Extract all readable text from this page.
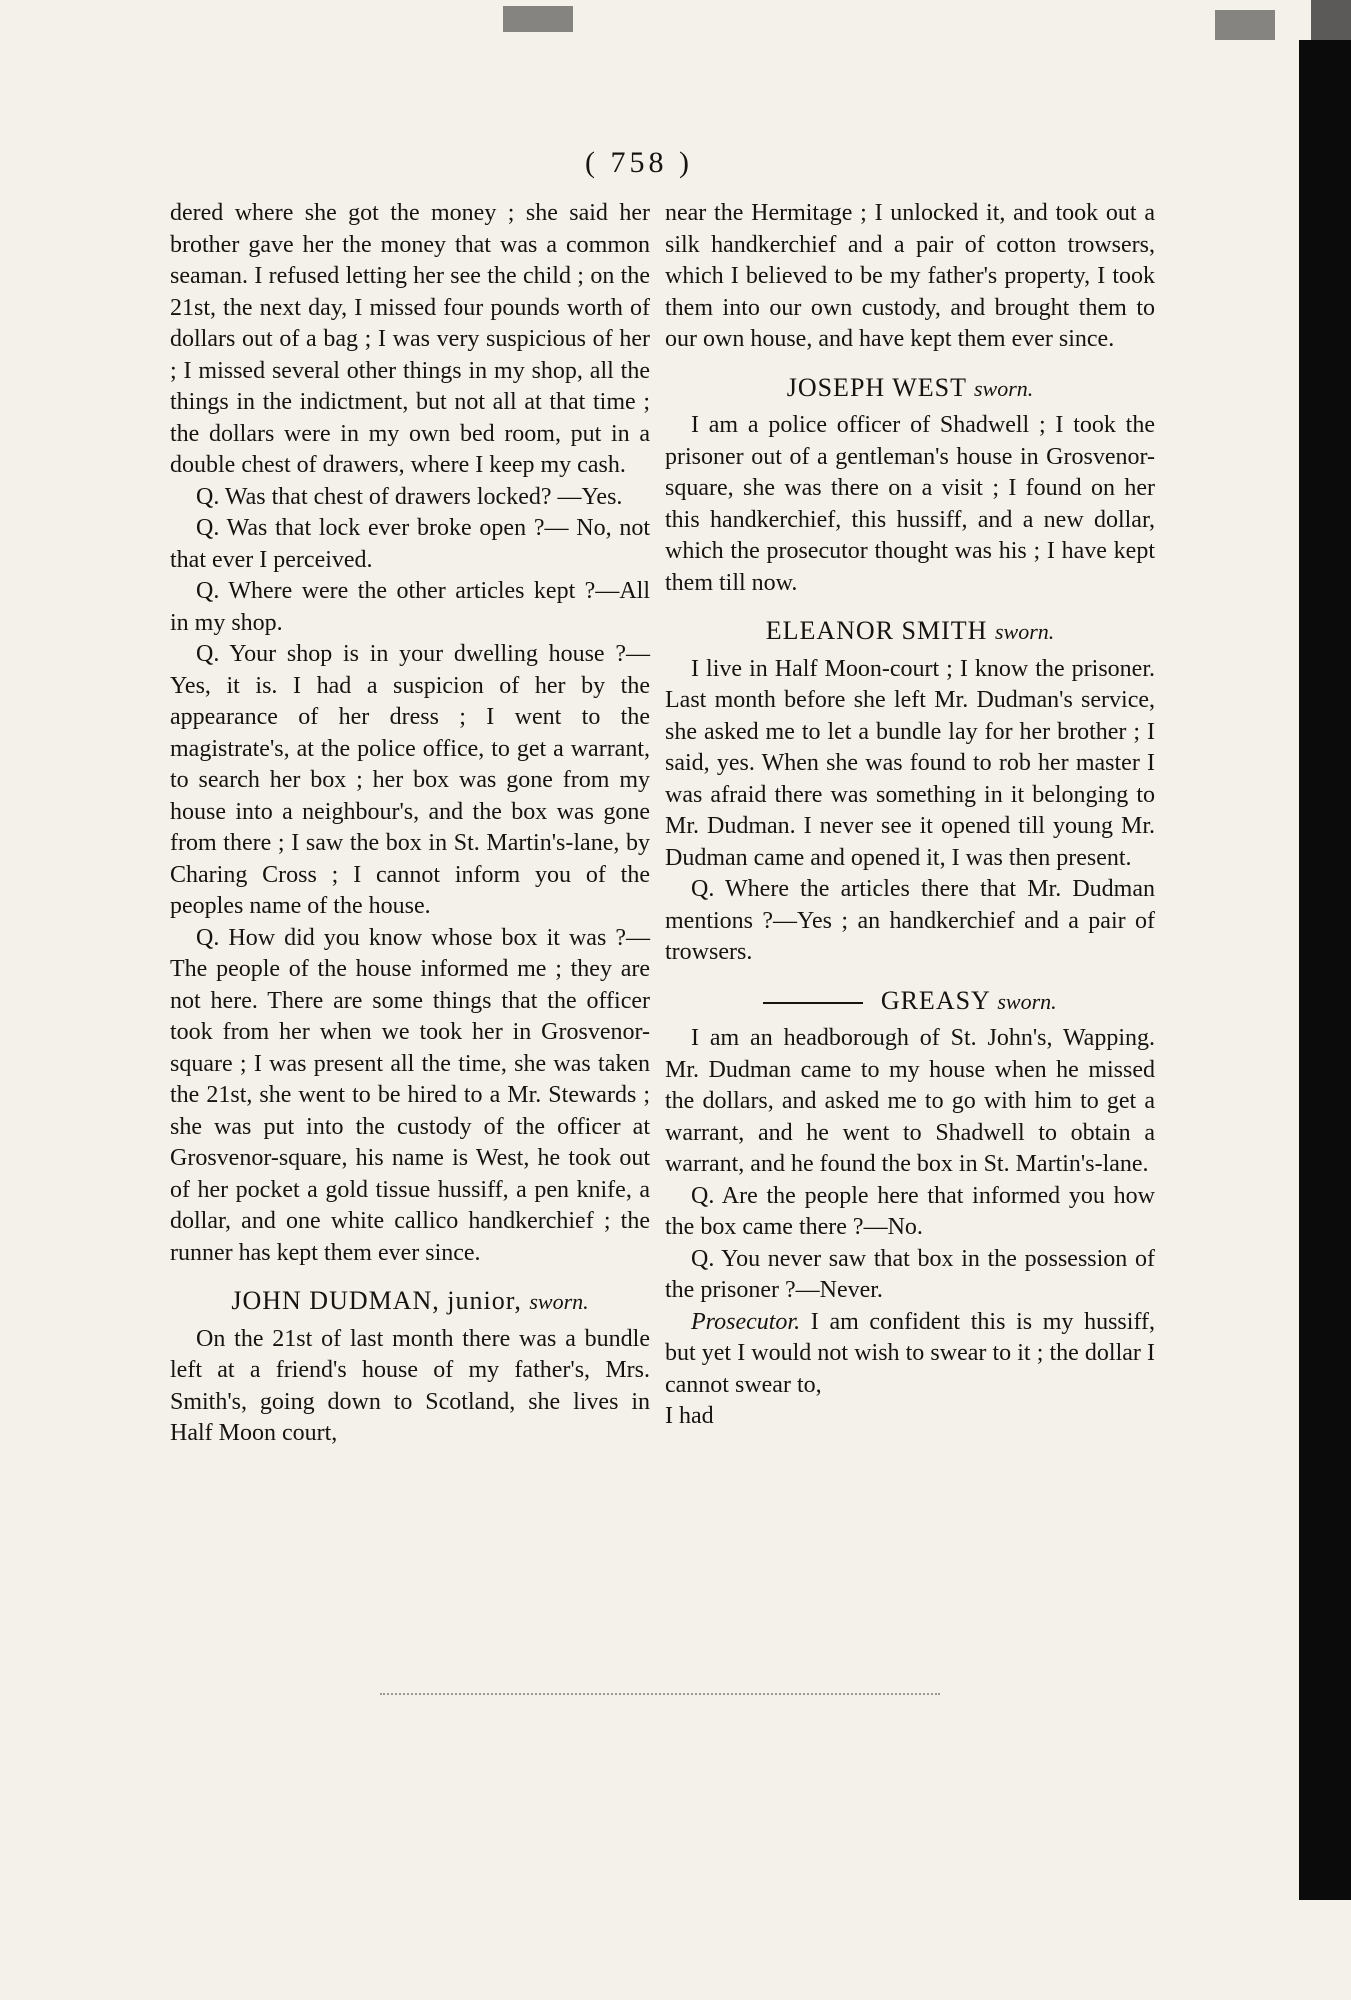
( 758 )

dered where she got the money ; she said her brother gave her the money that was a common seaman. I refused letting her see the child ; on the 21st, the next day, I missed four pounds worth of dollars out of a bag ; I was very suspicious of her ; I missed several other things in my shop, all the things in the indictment, but not all at that time ; the dollars were in my own bed room, put in a double chest of drawers, where I keep my cash.

Q. Was that chest of drawers locked? —Yes.

Q. Was that lock ever broke open ?— No, not that ever I perceived.

Q. Where were the other articles kept ?—All in my shop.

Q. Your shop is in your dwelling house ?—Yes, it is. I had a suspicion of her by the appearance of her dress ; I went to the magistrate's, at the police office, to get a warrant, to search her box ; her box was gone from my house into a neighbour's, and the box was gone from there ; I saw the box in St. Martin's-lane, by Charing Cross ; I cannot inform you of the peoples name of the house.

Q. How did you know whose box it was ?—The people of the house informed me ; they are not here. There are some things that the officer took from her when we took her in Grosvenor-square ; I was present all the time, she was taken the 21st, she went to be hired to a Mr. Stewards ; she was put into the custody of the officer at Grosvenor-square, his name is West, he took out of her pocket a gold tissue hussiff, a pen knife, a dollar, and one white callico handkerchief ; the runner has kept them ever since.

JOHN DUDMAN, junior, sworn.

On the 21st of last month there was a bundle left at a friend's house of my father's, Mrs. Smith's, going down to Scotland, she lives in Half Moon court,

near the Hermitage ; I unlocked it, and took out a silk handkerchief and a pair of cotton trowsers, which I believed to be my father's property, I took them into our own custody, and brought them to our own house, and have kept them ever since.

JOSEPH WEST sworn.

I am a police officer of Shadwell ; I took the prisoner out of a gentleman's house in Grosvenor-square, she was there on a visit ; I found on her this handkerchief, this hussiff, and a new dollar, which the prosecutor thought was his ; I have kept them till now.

ELEANOR SMITH sworn.

I live in Half Moon-court ; I know the prisoner. Last month before she left Mr. Dudman's service, she asked me to let a bundle lay for her brother ; I said, yes. When she was found to rob her master I was afraid there was something in it belonging to Mr. Dudman. I never see it opened till young Mr. Dudman came and opened it, I was then present.

Q. Where the articles there that Mr. Dudman mentions ?—Yes ; an handkerchief and a pair of trowsers.

GREASY sworn.

I am an headborough of St. John's, Wapping. Mr. Dudman came to my house when he missed the dollars, and asked me to go with him to get a warrant, and he went to Shadwell to obtain a warrant, and he found the box in St. Martin's-lane.

Q. Are the people here that informed you how the box came there ?—No.

Q. You never saw that box in the possession of the prisoner ?—Never.

Prosecutor. I am confident this is my hussiff, but yet I would not wish to swear to it ; the dollar I cannot swear to,

I had
